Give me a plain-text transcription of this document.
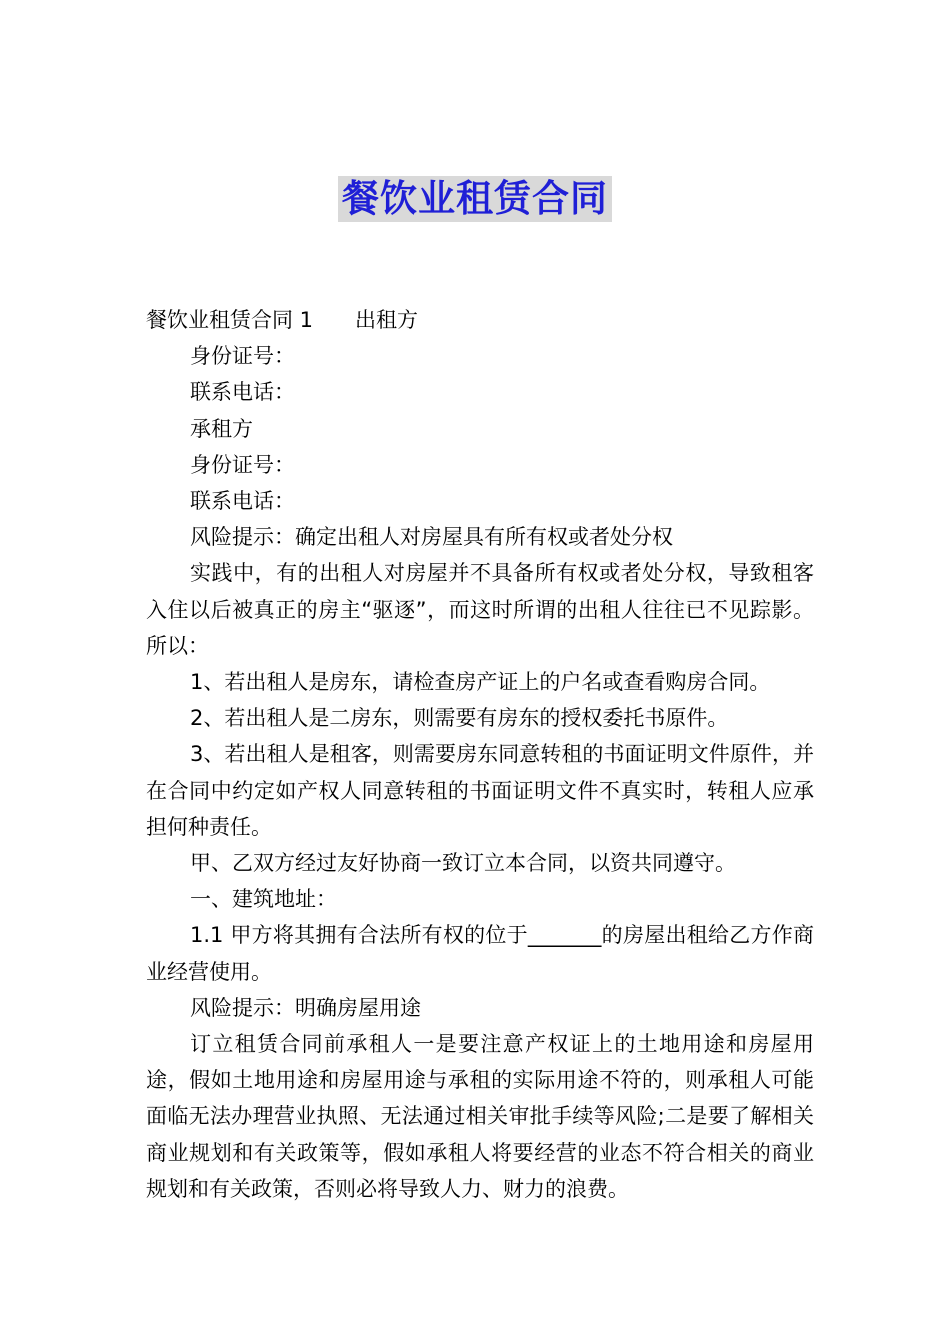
餐饮业租赁合同

餐饮业租赁合同 1 出租方

身份证号：

联系电话：

承租方

身份证号：

联系电话：

风险提示：确定出租人对房屋具有所有权或者处分权

实践中，有的出租人对房屋并不具备所有权或者处分权，导致租客入住以后被真正的房主“驱逐”，而这时所谓的出租人往往已不见踪影。所以：

1、若出租人是房东，请检查房产证上的户名或查看购房合同。

2、若出租人是二房东，则需要有房东的授权委托书原件。

3、若出租人是租客，则需要房东同意转租的书面证明文件原件，并在合同中约定如产权人同意转租的书面证明文件不真实时，转租人应承担何种责任。

甲、乙双方经过友好协商一致订立本合同，以资共同遵守。

一、建筑地址：

1.1 甲方将其拥有合法所有权的位于_______的房屋出租给乙方作商业经营使用。

风险提示：明确房屋用途

订立租赁合同前承租人一是要注意产权证上的土地用途和房屋用途，假如土地用途和房屋用途与承租的实际用途不符的，则承租人可能面临无法办理营业执照、无法通过相关审批手续等风险;二是要了解相关商业规划和有关政策等，假如承租人将要经营的业态不符合相关的商业规划和有关政策，否则必将导致人力、财力的浪费。
